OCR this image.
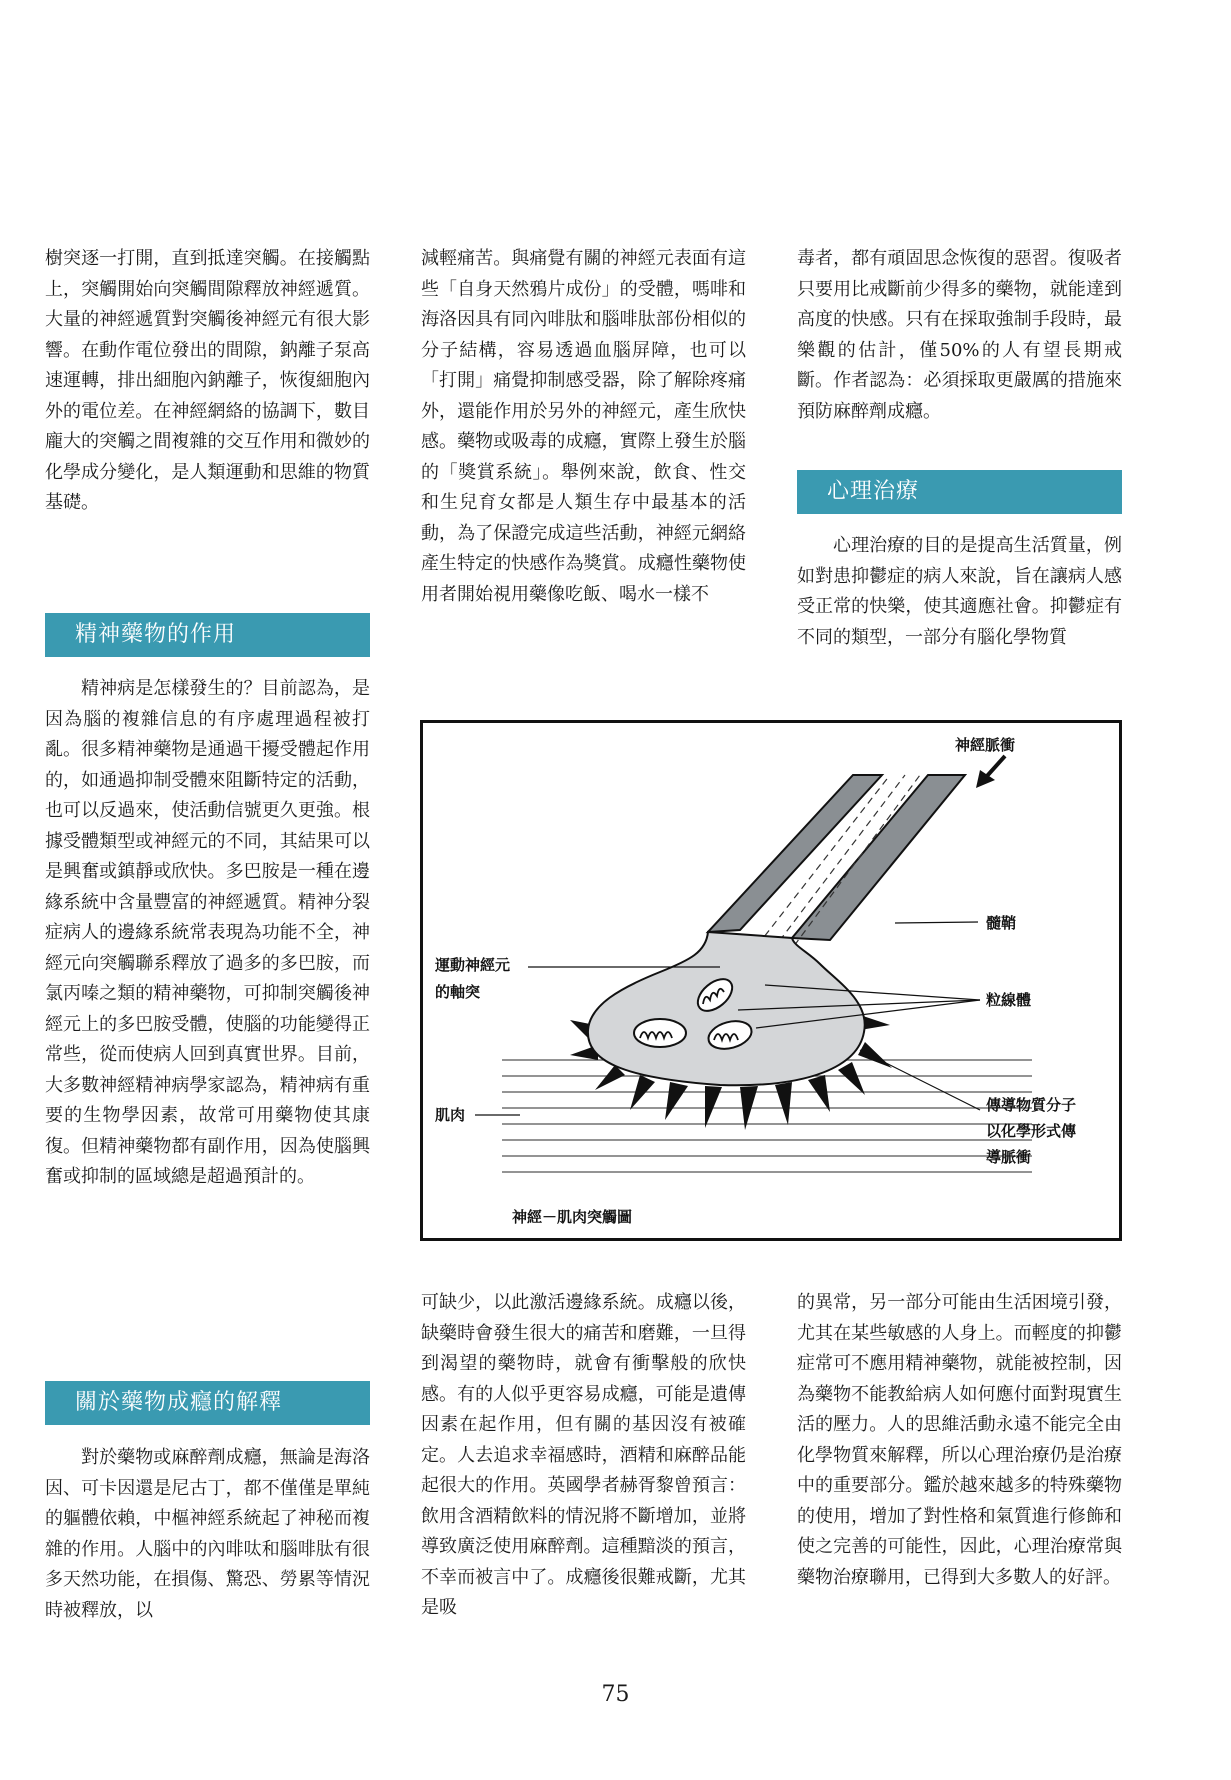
樹突逐一打開，直到抵達突觸。在接觸點上，突觸開始向突觸間隙釋放神經遞質。大量的神經遞質對突觸後神經元有很大影響。在動作電位發出的間隙，鈉離子泵高速運轉，排出細胞內鈉離子，恢復細胞內外的電位差。在神經網絡的協調下，數目龐大的突觸之間複雜的交互作用和微妙的化學成分變化，是人類運動和思維的物質基礎。

精神藥物的作用

精神病是怎樣發生的？目前認為，是因為腦的複雜信息的有序處理過程被打亂。很多精神藥物是通過干擾受體起作用的，如通過抑制受體來阻斷特定的活動，也可以反過來，使活動信號更久更強。根據受體類型或神經元的不同，其結果可以是興奮或鎮靜或欣快。多巴胺是一種在邊緣系統中含量豐富的神經遞質。精神分裂症病人的邊緣系統常表現為功能不全，神經元向突觸聯系釋放了過多的多巴胺，而氯丙嗪之類的精神藥物，可抑制突觸後神經元上的多巴胺受體，使腦的功能變得正常些，從而使病人回到真實世界。目前，大多數神經精神病學家認為，精神病有重要的生物學因素，故常可用藥物使其康復。但精神藥物都有副作用，因為使腦興奮或抑制的區域總是超過預計的。

關於藥物成癮的解釋

對於藥物或麻醉劑成癮，無論是海洛因、可卡因還是尼古丁，都不僅僅是單純的軀體依賴，中樞神經系統起了神秘而複雜的作用。人腦中的內啡呔和腦啡肽有很多天然功能，在損傷、驚恐、勞累等情況時被釋放，以

減輕痛苦。與痛覺有關的神經元表面有這些「自身天然鴉片成份」的受體，嗎啡和海洛因具有同內啡肽和腦啡肽部份相似的分子結構，容易透過血腦屏障，也可以「打開」痛覺抑制感受器，除了解除疼痛外，還能作用於另外的神經元，產生欣快感。藥物或吸毒的成癮，實際上發生於腦的「獎賞系統」。舉例來說，飲食、性交和生兒育女都是人類生存中最基本的活動，為了保證完成這些活動，神經元網絡產生特定的快感作為獎賞。成癮性藥物使用者開始視用藥像吃飯、喝水一樣不

可缺少，以此激活邊緣系統。成癮以後，缺藥時會發生很大的痛苦和磨難，一旦得到渴望的藥物時，就會有衝擊般的欣快感。有的人似乎更容易成癮，可能是遺傳因素在起作用，但有關的基因沒有被確定。人去追求幸福感時，酒精和麻醉品能起很大的作用。英國學者赫胥黎曾預言：飲用含酒精飲料的情況將不斷增加，並將導致廣泛使用麻醉劑。這種黯淡的預言，不幸而被言中了。成癮後很難戒斷，尤其是吸

毒者，都有頑固思念恢復的惡習。復吸者只要用比戒斷前少得多的藥物，就能達到高度的快感。只有在採取強制手段時，最樂觀的估計，僅50%的人有望長期戒斷。作者認為：必須採取更嚴厲的措施來預防麻醉劑成癮。

心理治療

心理治療的目的是提高生活質量，例如對患抑鬱症的病人來說，旨在讓病人感受正常的快樂，使其適應社會。抑鬱症有不同的類型，一部分有腦化學物質

的異常，另一部分可能由生活困境引發，尤其在某些敏感的人身上。而輕度的抑鬱症常可不應用精神藥物，就能被控制，因為藥物不能教給病人如何應付面對現實生活的壓力。人的思維活動永遠不能完全由化學物質來解釋，所以心理治療仍是治療中的重要部分。鑑於越來越多的特殊藥物的使用，增加了對性格和氣質進行修飾和使之完善的可能性，因此，心理治療常與藥物治療聯用，已得到大多數人的好評。

神經脈衝
髓鞘
運動神經元
的軸突	粒線體
肌肉
傳導物質分子
以化學形式傳
導脈衝
神經－肌肉突觸圖
75
